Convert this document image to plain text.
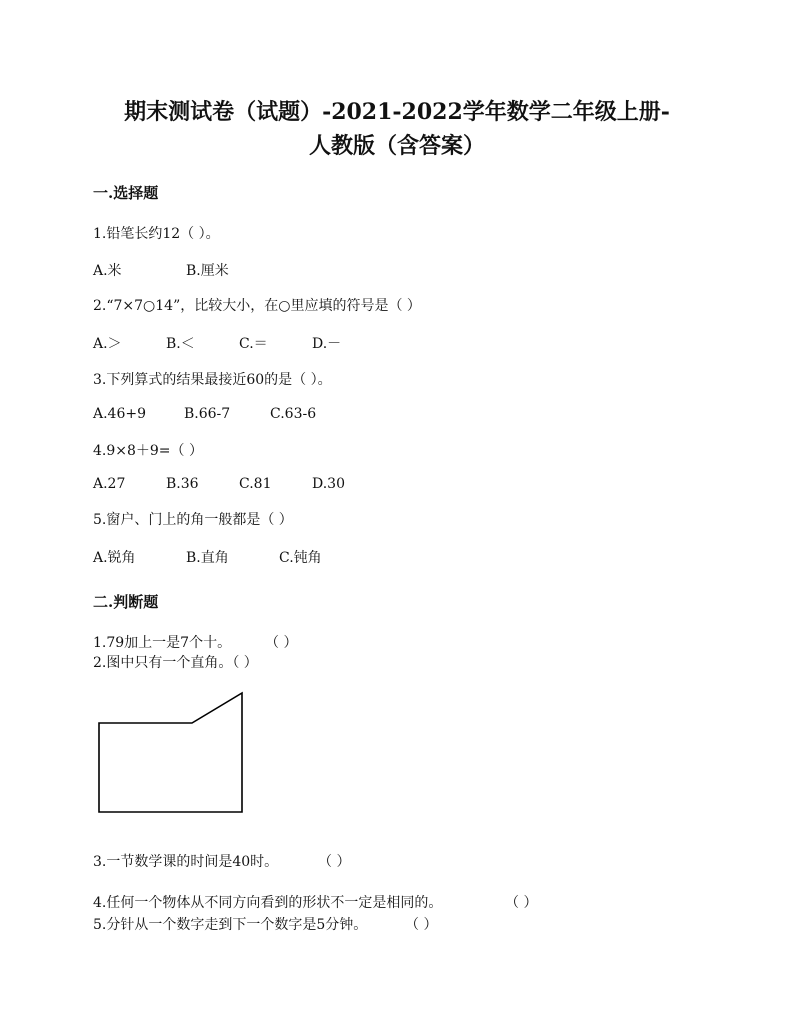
期末测试卷（试题）-2021-2022学年数学二年级上册-
人教版（含答案）
一.选择题
1.铅笔长约12（ ）。
A.米	B.厘米
2.“7×7○14”，比较大小，在○里应填的符号是（ ）
A.＞	B.＜	C.＝	D.－
3.下列算式的结果最接近60的是（ ）。
A.46+9	B.66-7	C.63-6
4.9×8＋9=（ ）
A.27	B.36	C.81	D.30
5.窗户、门上的角一般都是（ ）
A.锐角	B.直角	C.钝角
二.判断题
1.79加上一是7个十。 （ ）
2.图中只有一个直角。（ ）
3.一节数学课的时间是40时。	（ ）
4.任何一个物体从不同方向看到的形状不一定是相同的。	（ ）
5.分针从一个数字走到下一个数字是5分钟。	（ ）
